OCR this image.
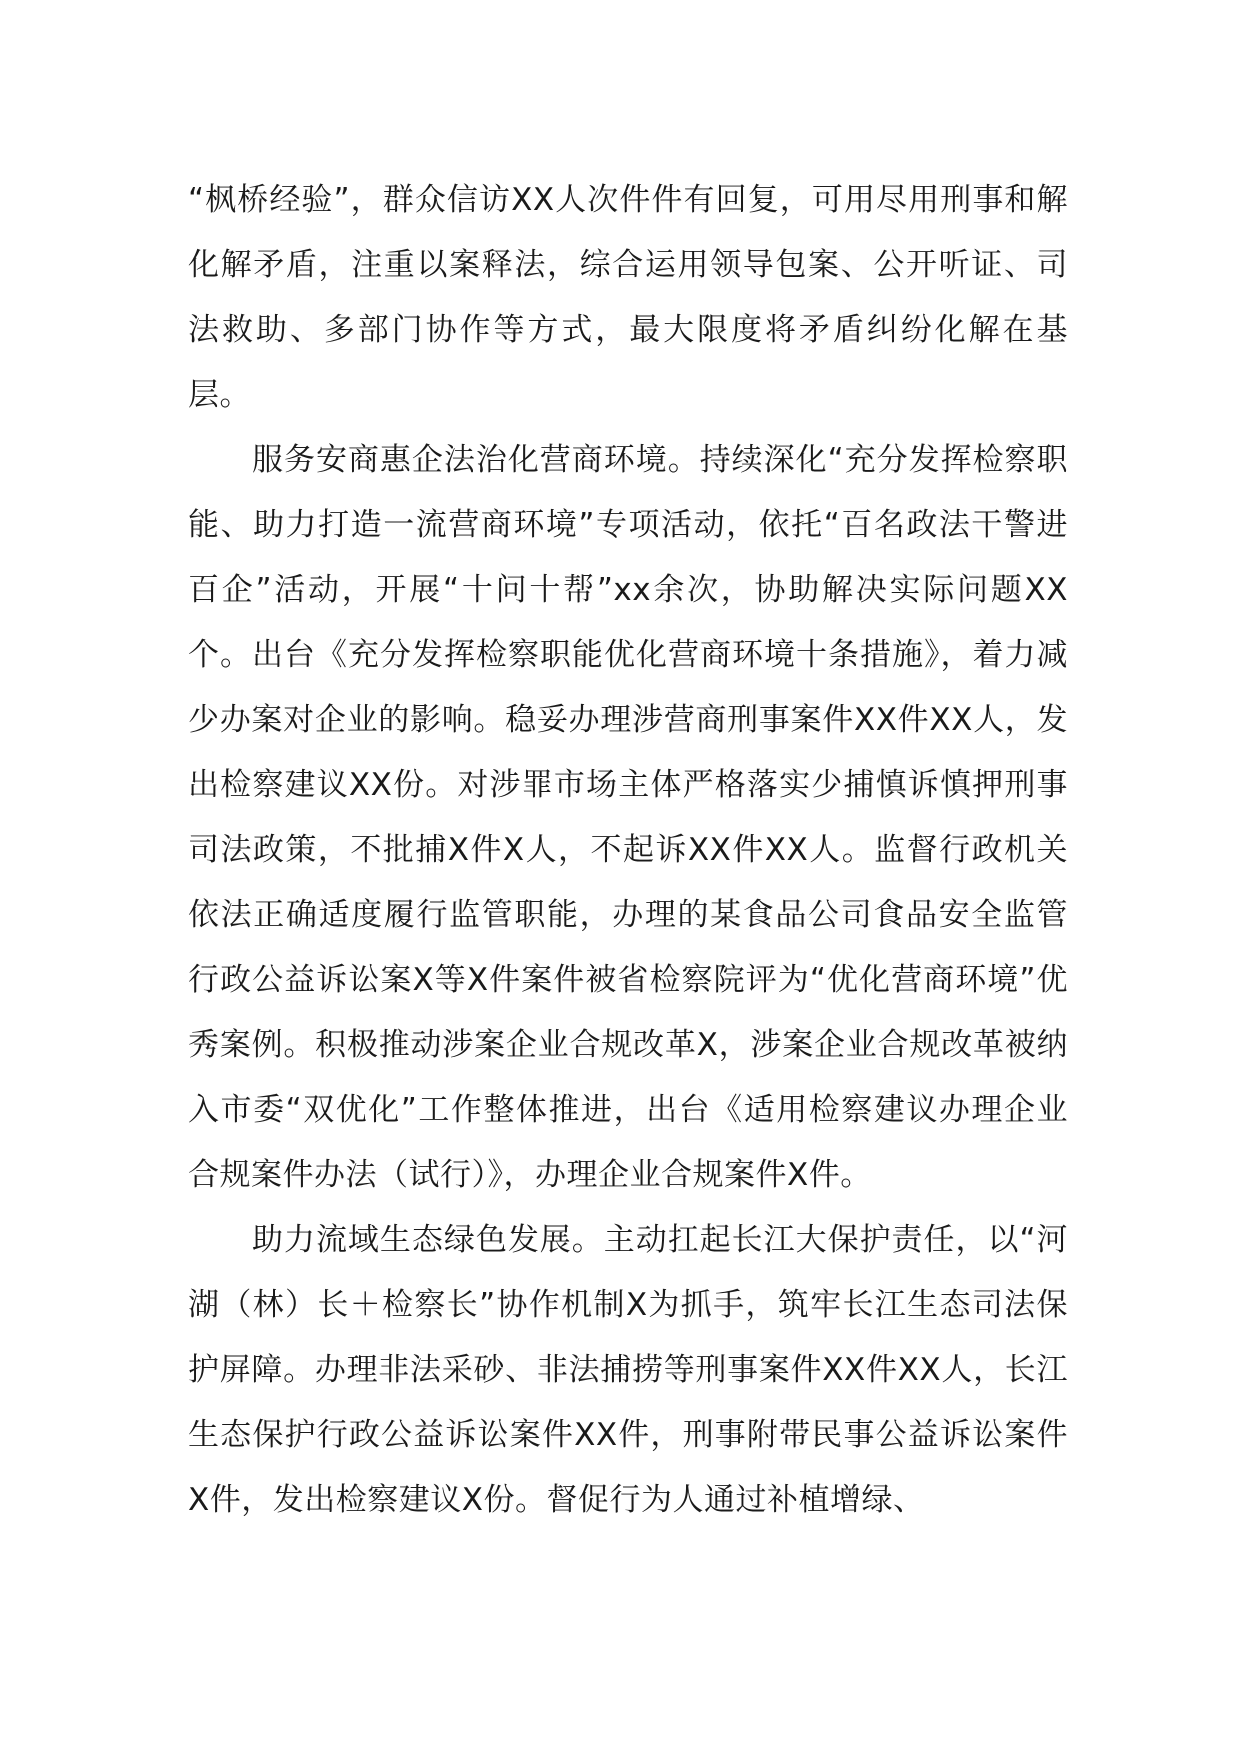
“枫桥经验”，群众信访XX人次件件有回复，可用尽用刑事和解化解矛盾，注重以案释法，综合运用领导包案、公开听证、司法救助、多部门协作等方式，最大限度将矛盾纠纷化解在基层。

服务安商惠企法治化营商环境。持续深化“充分发挥检察职能、助力打造一流营商环境”专项活动，依托“百名政法干警进百企”活动，开展“十问十帮”xx余次，协助解决实际问题XX个。出台《充分发挥检察职能优化营商环境十条措施》，着力减少办案对企业的影响。稳妥办理涉营商刑事案件XX件XX人，发出检察建议XX份。对涉罪市场主体严格落实少捕慎诉慎押刑事司法政策，不批捕X件X人，不起诉XX件XX人。监督行政机关依法正确适度履行监管职能，办理的某食品公司食品安全监管行政公益诉讼案X等X件案件被省检察院评为“优化营商环境”优秀案例。积极推动涉案企业合规改革X，涉案企业合规改革被纳入市委“双优化”工作整体推进，出台《适用检察建议办理企业合规案件办法（试行）》，办理企业合规案件X件。

助力流域生态绿色发展。主动扛起长江大保护责任，以“河湖（林）长＋检察长”协作机制X为抓手，筑牢长江生态司法保护屏障。办理非法采砂、非法捕捞等刑事案件XX件XX人，长江生态保护行政公益诉讼案件XX件，刑事附带民事公益诉讼案件X件，发出检察建议X份。督促行为人通过补植增绿、
